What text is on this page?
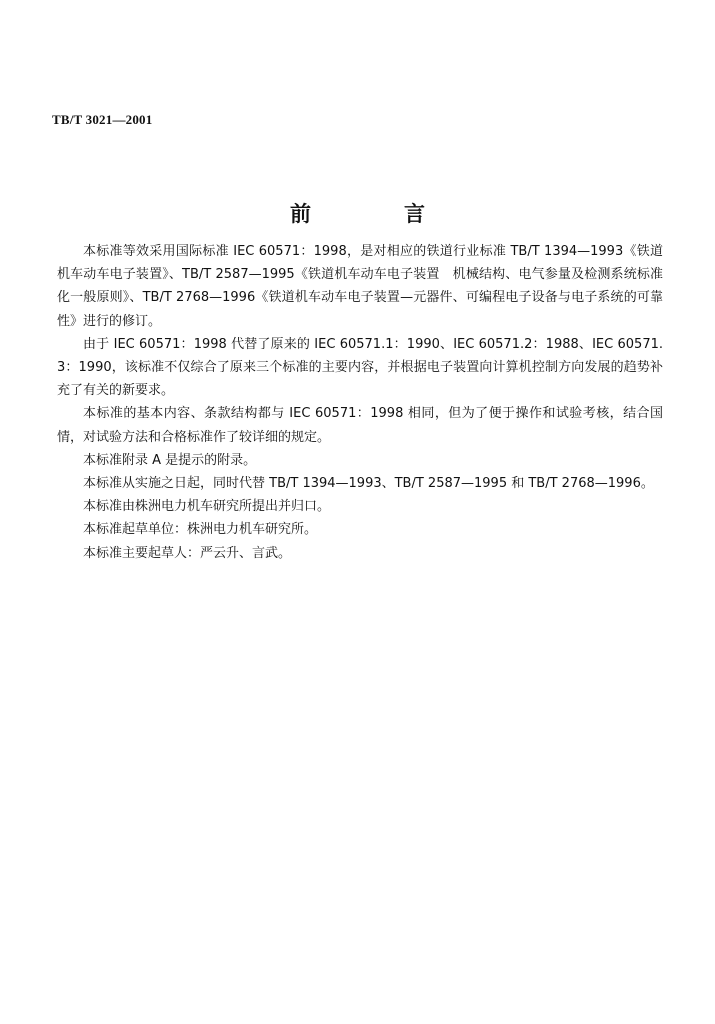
TB/T 3021—2001
前　言

本标准等效采用国际标准 IEC 60571：1998，是对相应的铁道行业标准 TB/T 1394—1993《铁道机车动车电子装置》、TB/T 2587—1995《铁道机车动车电子装置　机械结构、电气参量及检测系统标准化一般原则》、TB/T 2768—1996《铁道机车动车电子装置—元器件、可编程电子设备与电子系统的可靠性》进行的修订。

由于 IEC 60571：1998 代替了原来的 IEC 60571.1：1990、IEC 60571.2：1988、IEC 60571.3：1990，该标准不仅综合了原来三个标准的主要内容，并根据电子装置向计算机控制方向发展的趋势补充了有关的新要求。

本标准的基本内容、条款结构都与 IEC 60571：1998 相同，但为了便于操作和试验考核，结合国情，对试验方法和合格标准作了较详细的规定。

本标准附录 A 是提示的附录。

本标准从实施之日起，同时代替 TB/T 1394—1993、TB/T 2587—1995 和 TB/T 2768—1996。

本标准由株洲电力机车研究所提出并归口。

本标准起草单位：株洲电力机车研究所。

本标准主要起草人：严云升、言武。
